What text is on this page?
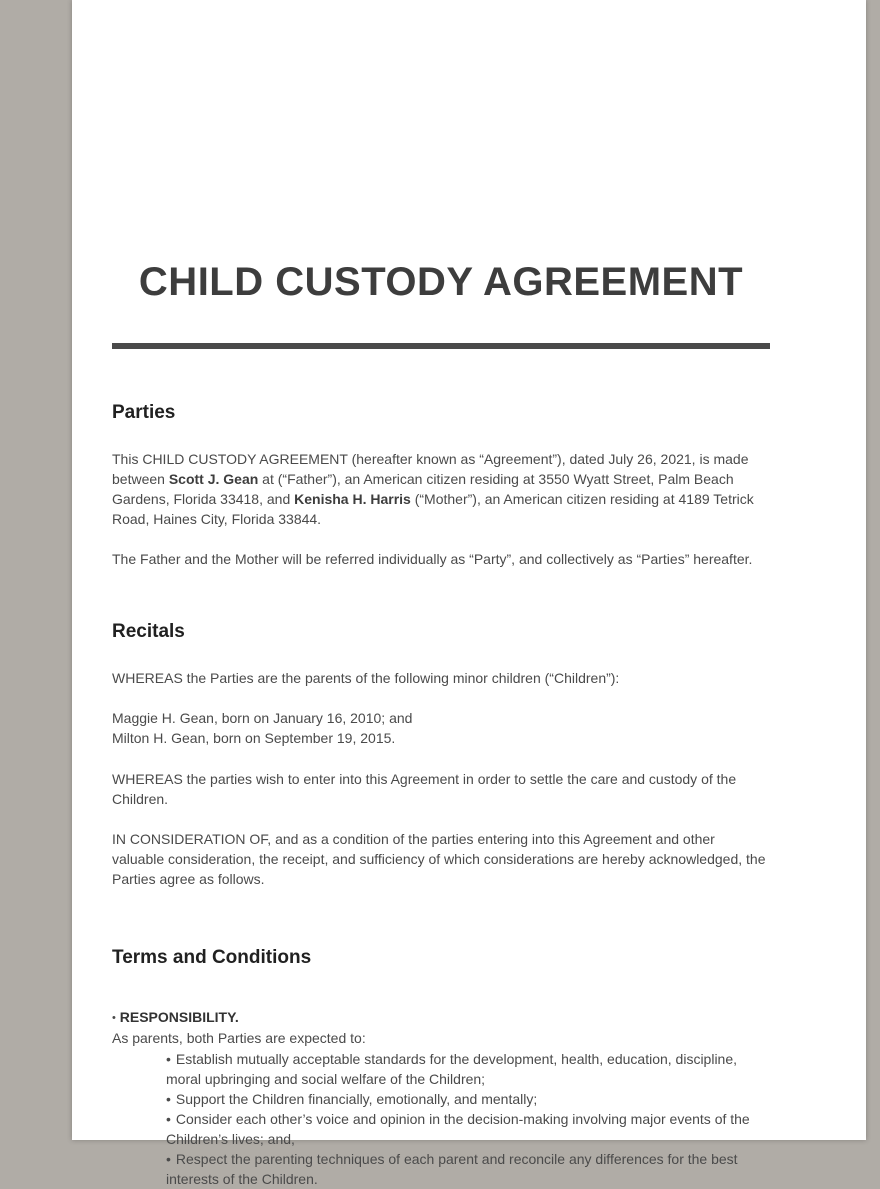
CHILD CUSTODY AGREEMENT
Parties

This CHILD CUSTODY AGREEMENT (hereafter known as “Agreement”), dated July 26, 2021, is made between Scott J. Gean at (“Father”), an American citizen residing at 3550 Wyatt Street, Palm Beach Gardens, Florida 33418, and Kenisha H. Harris (“Mother”), an American citizen residing at 4189 Tetrick Road, Haines City, Florida 33844.

The Father and the Mother will be referred individually as “Party”, and collectively as “Parties” hereafter.

Recitals

WHEREAS the Parties are the parents of the following minor children (“Children”):

Maggie H. Gean, born on January 16, 2010; and
Milton H. Gean, born on September 19, 2015.

WHEREAS the parties wish to enter into this Agreement in order to settle the care and custody of the Children.

IN CONSIDERATION OF, and as a condition of the parties entering into this Agreement and other valuable consideration, the receipt, and sufficiency of which considerations are hereby acknowledged, the Parties agree as follows.

Terms and Conditions
• RESPONSIBILITY.
As parents, both Parties are expected to:
• Establish mutually acceptable standards for the development, health, education, discipline, moral upbringing and social welfare of the Children;
• Support the Children financially, emotionally, and mentally;
• Consider each other’s voice and opinion in the decision-making involving major events of the Children’s lives; and,
• Respect the parenting techniques of each parent and reconcile any differences for the best interests of the Children.
